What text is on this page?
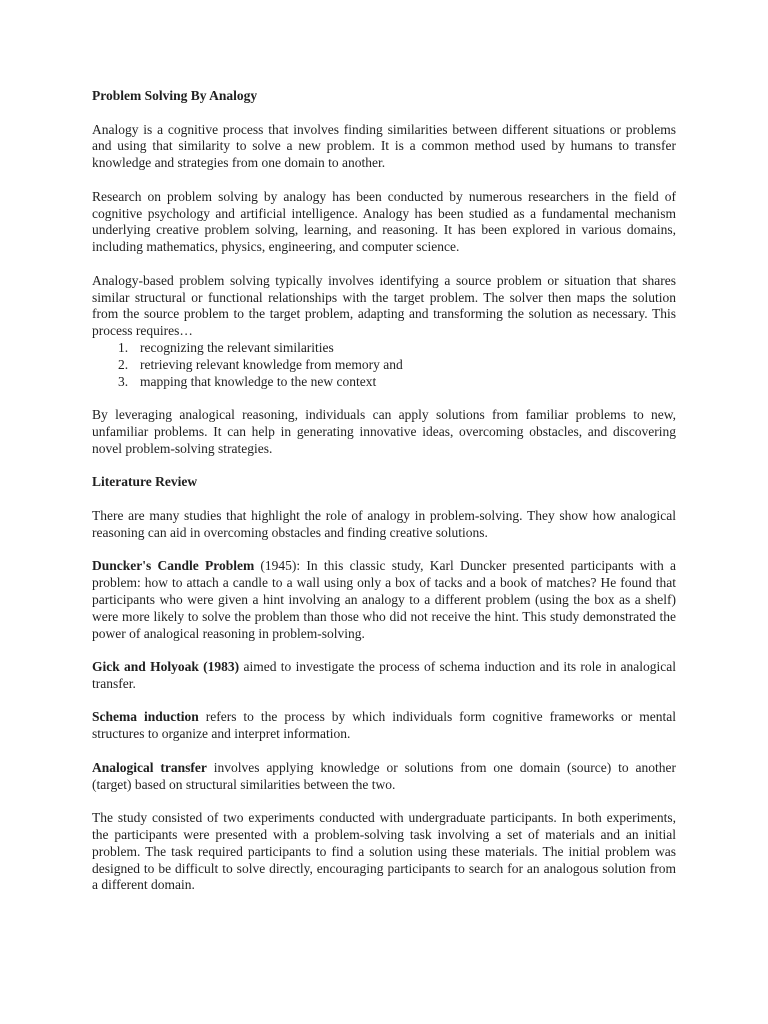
Problem Solving By Analogy

Analogy is a cognitive process that involves finding similarities between different situations or problems and using that similarity to solve a new problem. It is a common method used by humans to transfer knowledge and strategies from one domain to another.

Research on problem solving by analogy has been conducted by numerous researchers in the field of cognitive psychology and artificial intelligence. Analogy has been studied as a fundamental mechanism underlying creative problem solving, learning, and reasoning. It has been explored in various domains, including mathematics, physics, engineering, and computer science.

Analogy-based problem solving typically involves identifying a source problem or situation that shares similar structural or functional relationships with the target problem. The solver then maps the solution from the source problem to the target problem, adapting and transforming the solution as necessary. This process requires…

1. recognizing the relevant similarities
2. retrieving relevant knowledge from memory and
3. mapping that knowledge to the new context

By leveraging analogical reasoning, individuals can apply solutions from familiar problems to new, unfamiliar problems. It can help in generating innovative ideas, overcoming obstacles, and discovering novel problem-solving strategies.

Literature Review

There are many studies that highlight the role of analogy in problem-solving. They show how analogical reasoning can aid in overcoming obstacles and finding creative solutions.

Duncker's Candle Problem (1945): In this classic study, Karl Duncker presented participants with a problem: how to attach a candle to a wall using only a box of tacks and a book of matches? He found that participants who were given a hint involving an analogy to a different problem (using the box as a shelf) were more likely to solve the problem than those who did not receive the hint. This study demonstrated the power of analogical reasoning in problem-solving.

Gick and Holyoak (1983) aimed to investigate the process of schema induction and its role in analogical transfer.

Schema induction refers to the process by which individuals form cognitive frameworks or mental structures to organize and interpret information.

Analogical transfer involves applying knowledge or solutions from one domain (source) to another (target) based on structural similarities between the two.

The study consisted of two experiments conducted with undergraduate participants. In both experiments, the participants were presented with a problem-solving task involving a set of materials and an initial problem. The task required participants to find a solution using these materials. The initial problem was designed to be difficult to solve directly, encouraging participants to search for an analogous solution from a different domain.
